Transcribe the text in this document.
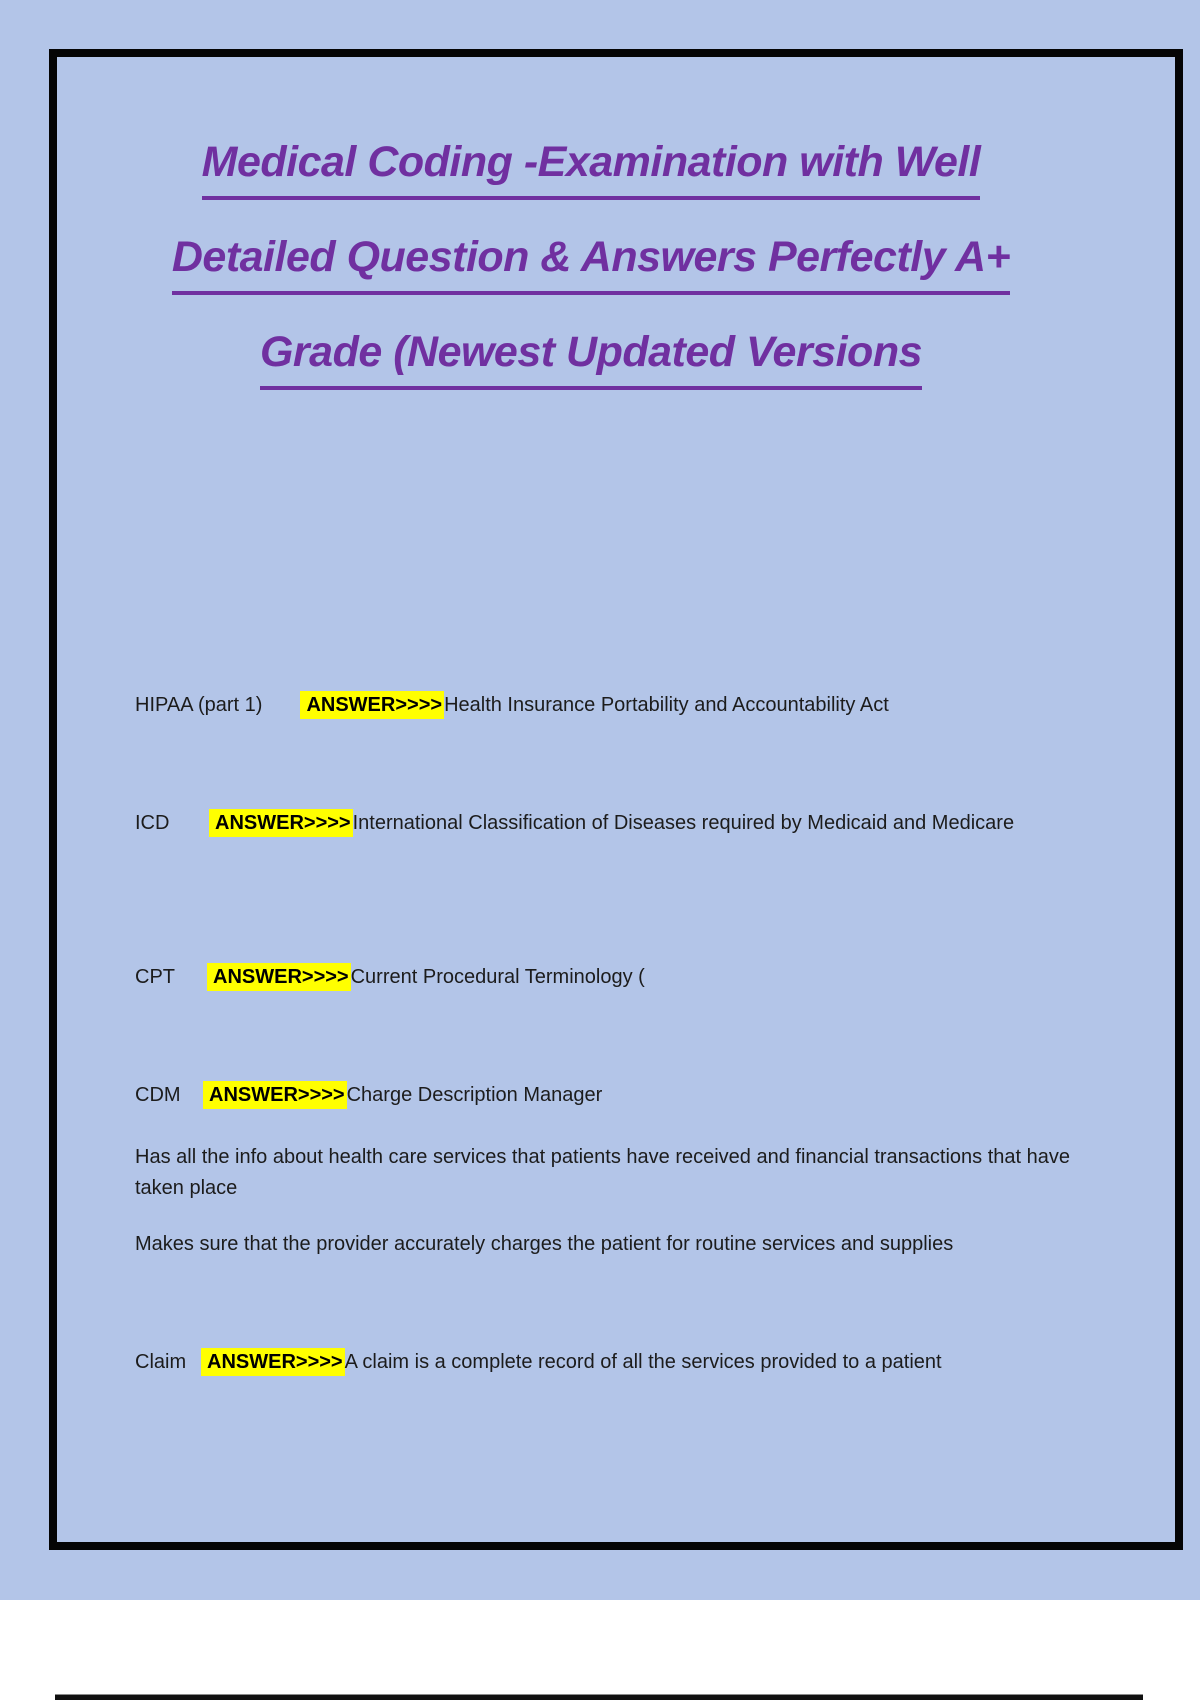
Medical Coding -Examination with Well
Detailed Question & Answers Perfectly A+
Grade (Newest Updated Versions
HIPAA (part 1) ANSWER>>>> Health Insurance Portability and Accountability Act
ICD ANSWER>>>> International Classification of Diseases required by Medicaid and Medicare
CPT ANSWER>>>> Current Procedural Terminology (
CDM ANSWER>>>> Charge Description Manager
Has all the info about health care services that patients have received and financial transactions that have taken place
Makes sure that the provider accurately charges the patient for routine services and supplies
Claim ANSWER>>>> A claim is a complete record of all the services provided to a patient
